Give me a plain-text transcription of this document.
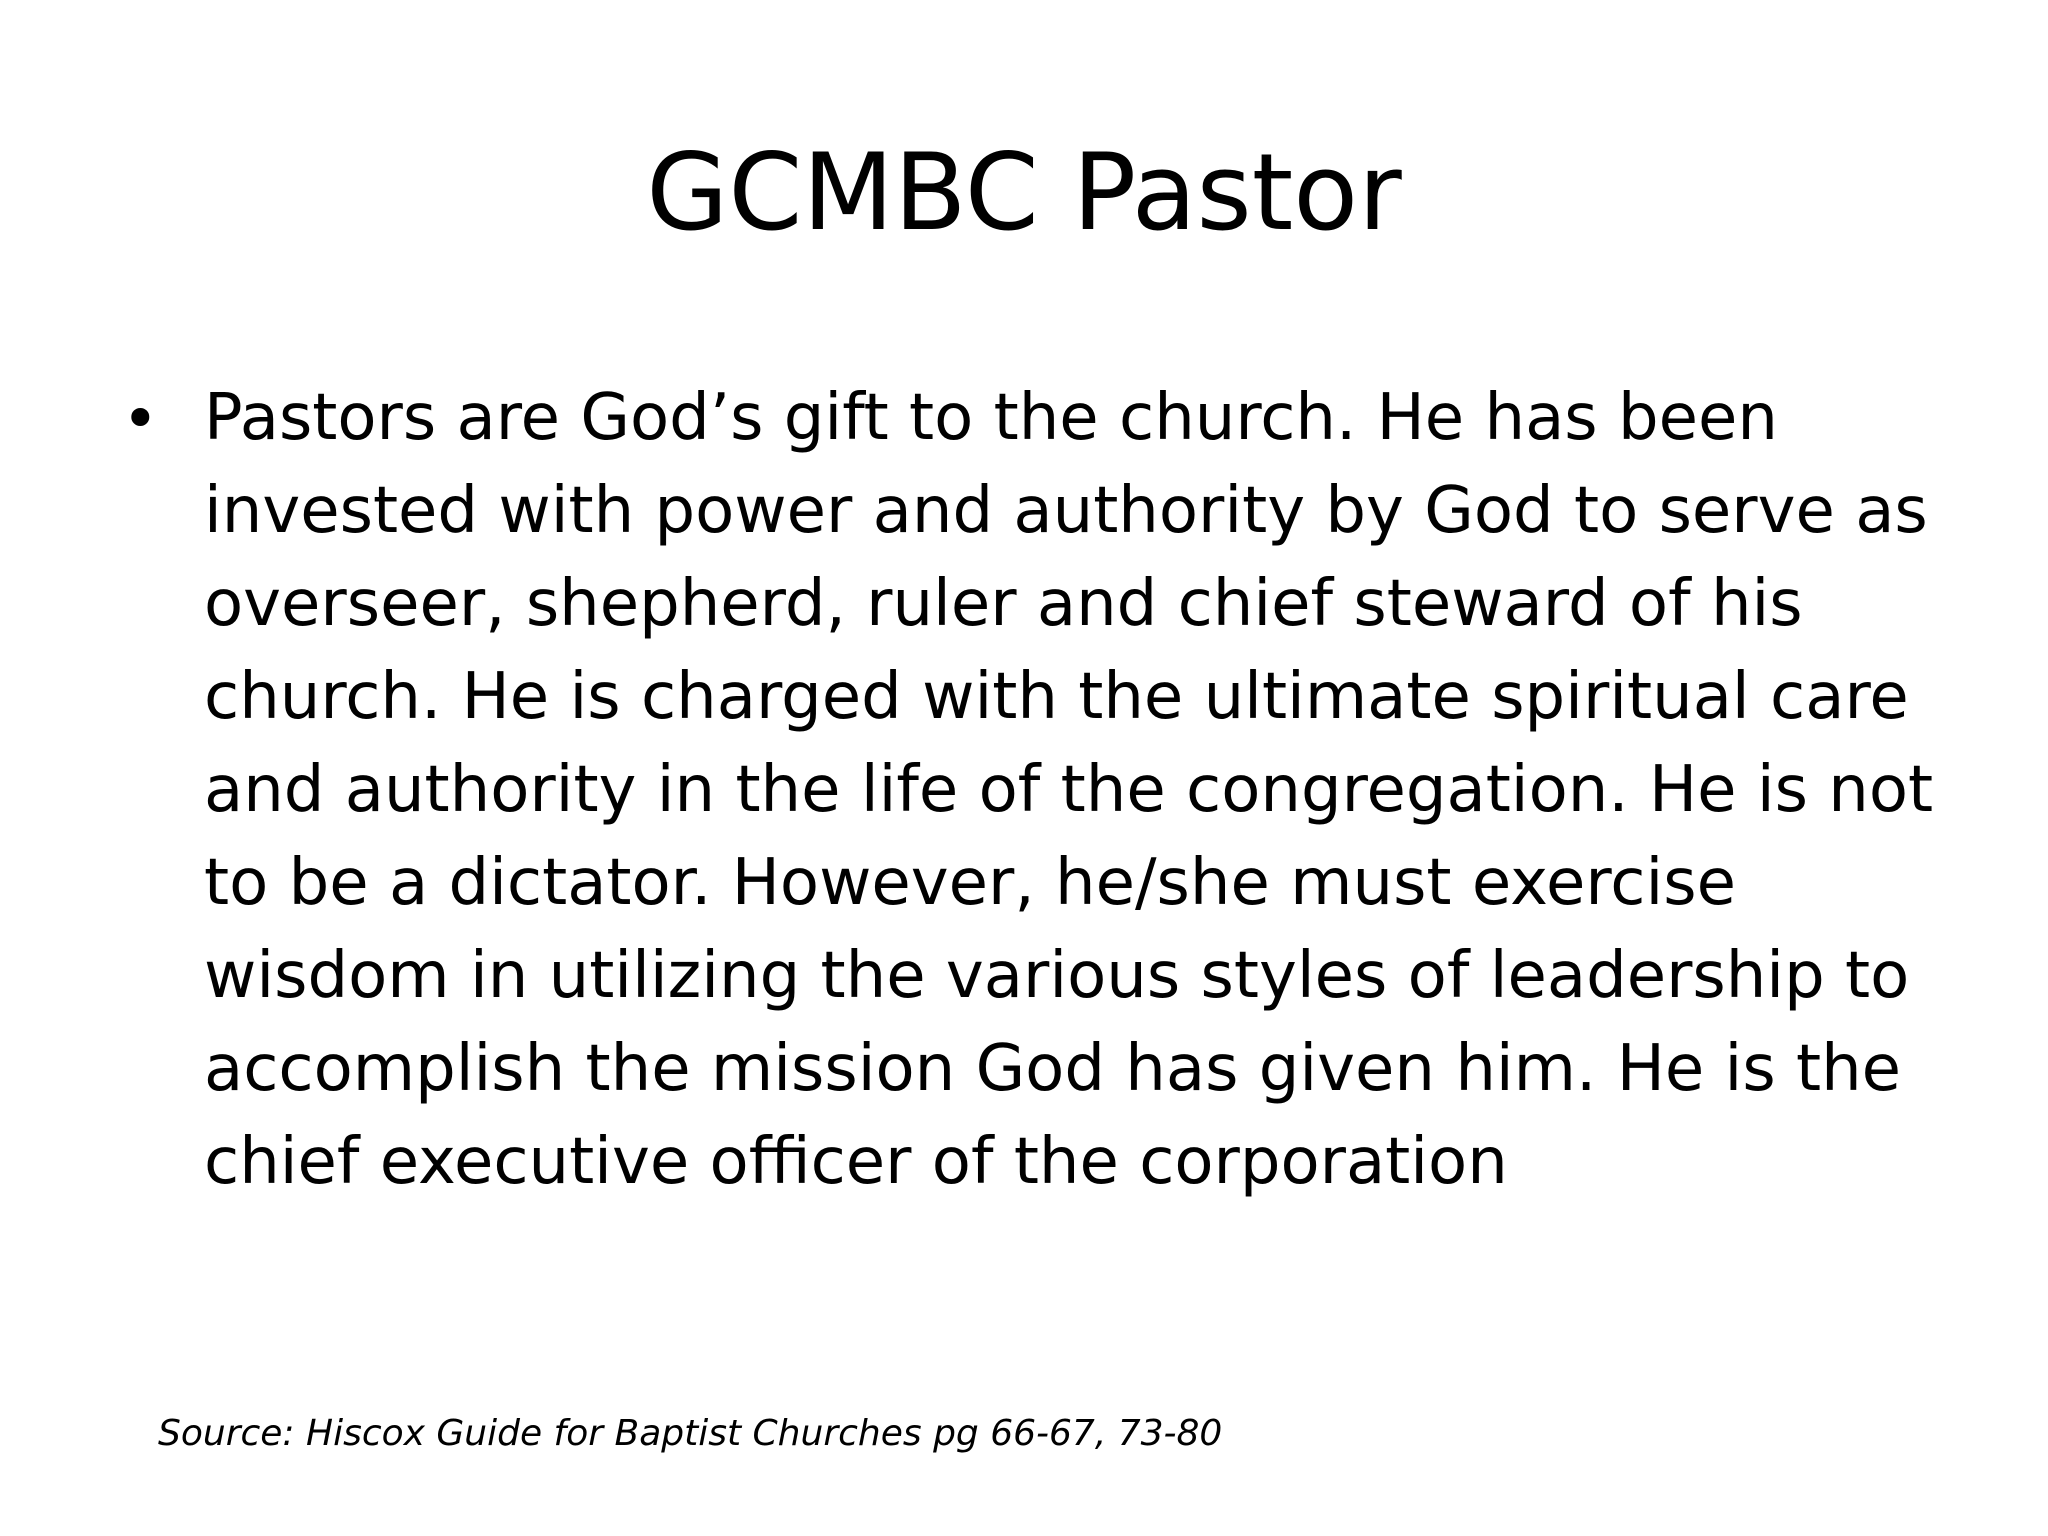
GCMBC Pastor
• Pastors are God’s gift to the church. He has been invested with power and authority by God to serve as overseer, shepherd, ruler and chief steward of his church. He is charged with the ultimate spiritual care and authority in the life of the congregation. He is not to be a dictator. However, he/she must exercise wisdom in utilizing the various styles of leadership to accomplish the mission God has given him. He is the chief executive officer of the corporation
Source: Hiscox Guide for Baptist Churches pg 66-67, 73-80
